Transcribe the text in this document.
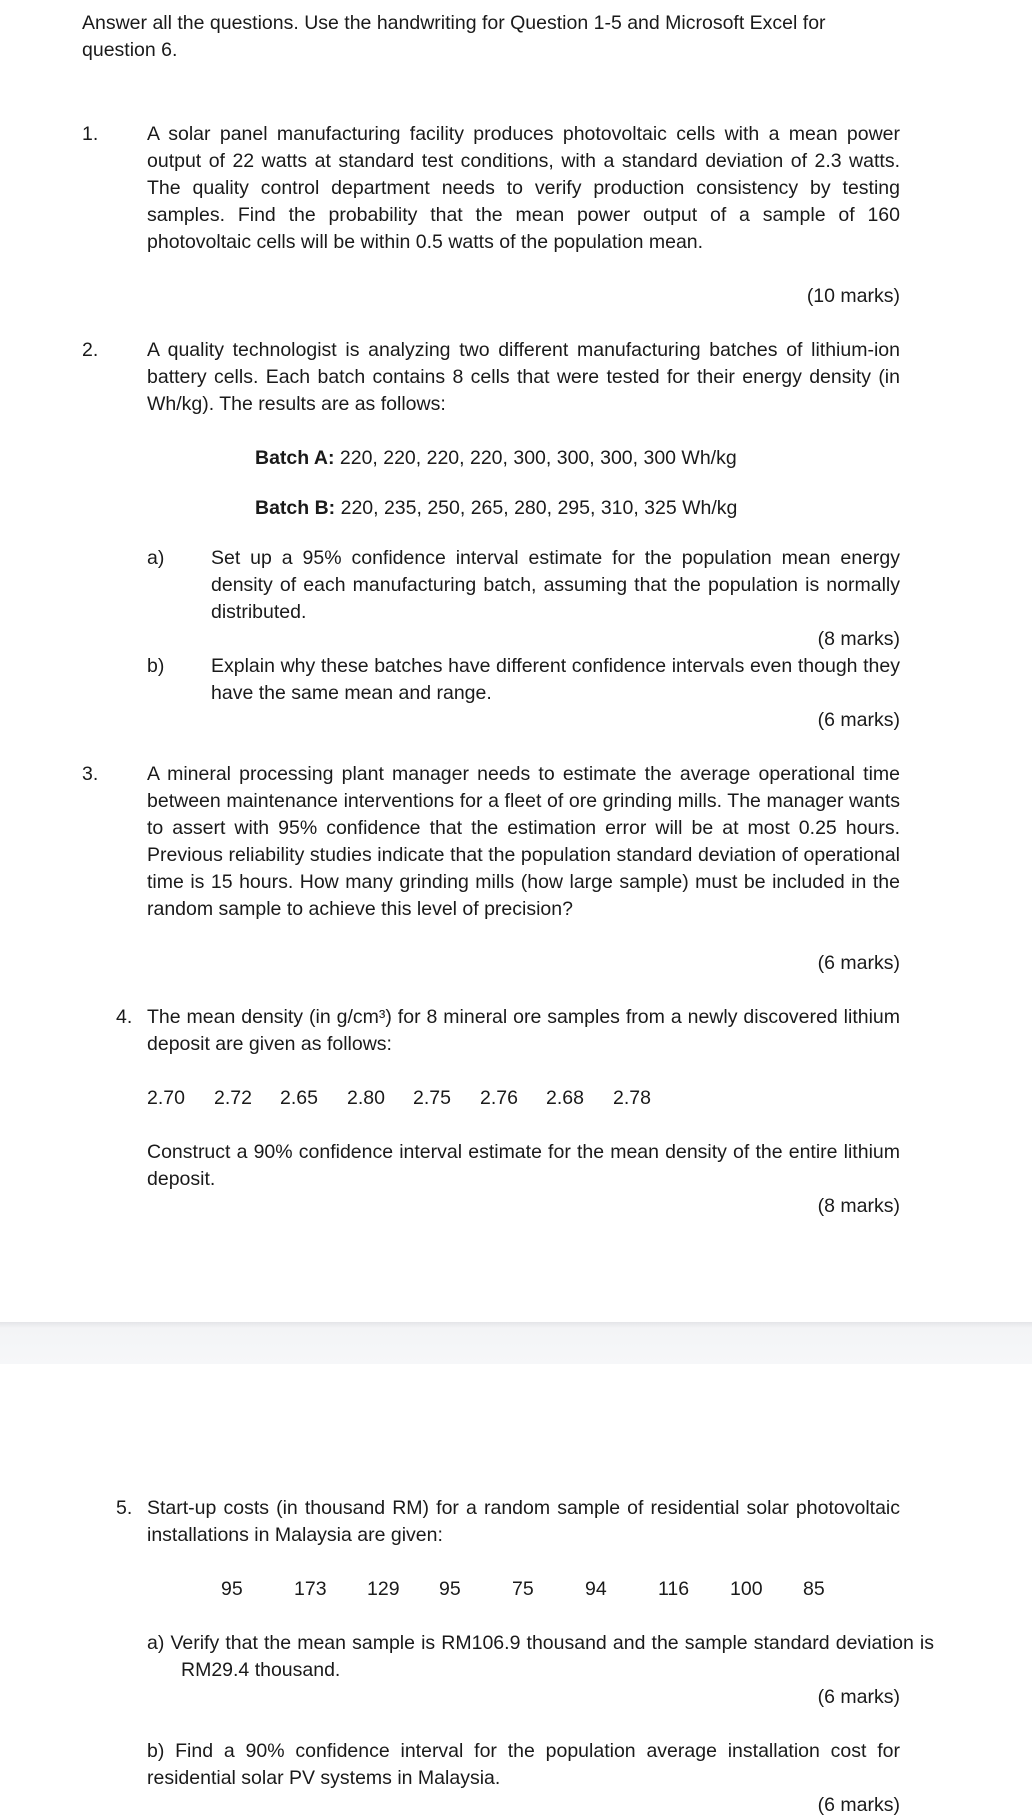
Answer all the questions. Use the handwriting for Question 1-5 and Microsoft Excel for question 6.
1. A solar panel manufacturing facility produces photovoltaic cells with a mean power output of 22 watts at standard test conditions, with a standard deviation of 2.3 watts. The quality control department needs to verify production consistency by testing samples. Find the probability that the mean power output of a sample of 160 photovoltaic cells will be within 0.5 watts of the population mean.
(10 marks)
2. A quality technologist is analyzing two different manufacturing batches of lithium-ion battery cells. Each batch contains 8 cells that were tested for their energy density (in Wh/kg). The results are as follows:
Batch A: 220, 220, 220, 220, 300, 300, 300, 300 Wh/kg
Batch B: 220, 235, 250, 265, 280, 295, 310, 325 Wh/kg
a) Set up a 95% confidence interval estimate for the population mean energy density of each manufacturing batch, assuming that the population is normally distributed.
(8 marks)
b) Explain why these batches have different confidence intervals even though they have the same mean and range.
(6 marks)
3. A mineral processing plant manager needs to estimate the average operational time between maintenance interventions for a fleet of ore grinding mills. The manager wants to assert with 95% confidence that the estimation error will be at most 0.25 hours. Previous reliability studies indicate that the population standard deviation of operational time is 15 hours. How many grinding mills (how large sample) must be included in the random sample to achieve this level of precision?
(6 marks)
4. The mean density (in g/cm³) for 8 mineral ore samples from a newly discovered lithium deposit are given as follows:
2.70 2.72 2.65 2.80 2.75 2.76 2.68 2.78
Construct a 90% confidence interval estimate for the mean density of the entire lithium deposit.
(8 marks)
5. Start-up costs (in thousand RM) for a random sample of residential solar photovoltaic installations in Malaysia are given:
95	173 129 95	75	94	116 100 85
a) Verify that the mean sample is RM106.9 thousand and the sample standard deviation is RM29.4 thousand.
(6 marks)
b) Find a 90% confidence interval for the population average installation cost for residential solar PV systems in Malaysia.
(6 marks)
